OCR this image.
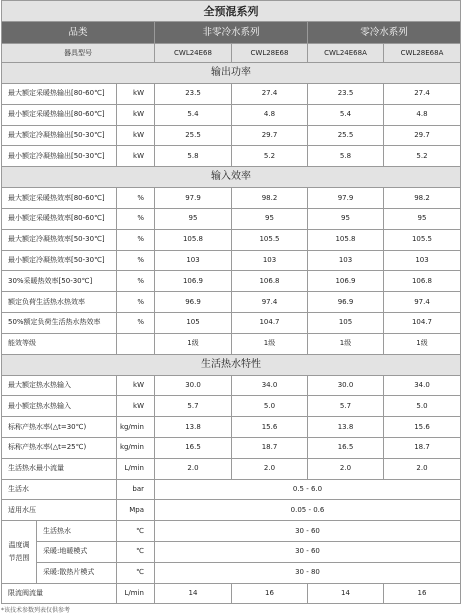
全预混系列						
品类			非零冷水系列		零冷水系列	
器具型号			CWL24E68	CWL28E68	CWL24E68A	CWL28E68A
输出功率						
最大额定采暖热输出[80-60℃]		kW	23.5	27.4	23.5	27.4
最小额定采暖热输出[80-60℃]		kW	5.4	4.8	5.4	4.8
最大额定冷凝热输出[50-30℃]		kW	25.5	29.7	25.5	29.7
最小额定冷凝热输出[50-30℃]		kW	5.8	5.2	5.8	5.2
输入效率						
最大额定采暖热效率[80-60℃]		%	97.9	98.2	97.9	98.2
最小额定采暖热效率[80-60℃]		%	95	95	95	95
最大额定冷凝热效率[50-30℃]		%	105.8	105.5	105.8	105.5
最小额定冷凝热效率[50-30℃]		%	103	103	103	103
30%采暖热效率[50-30℃]		%	106.9	106.8	106.9	106.8
额定负荷生活热水热效率		%	96.9	97.4	96.9	97.4
50%额定负荷生活热水热效率		%	105	104.7	105	104.7
能效等级			1级	1级	1级	1级
生活热水特性						
最大额定热水热输入		kW	30.0	34.0	30.0	34.0
最小额定热水热输入		kW	5.7	5.0	5.7	5.0
标称产热水率(△t=30℃)		kg/min	13.8	15.6	13.8	15.6
标称产热水率(△t=25℃)		kg/min	16.5	18.7	16.5	18.7
生活热水最小流量		L/min	2.0	2.0	2.0	2.0
生活水		bar	0.5 - 6.0			
适用水压		Mpa	0.05 - 0.6			

温度调
节范围	生活热水	℃	30 - 60			
	采暖:地暖模式	℃	30 - 60			
	采暖:散热片模式	℃	30 - 80			
限流阀流量		L/min	14	16	14	16
*该技术参数列表仅供参考
